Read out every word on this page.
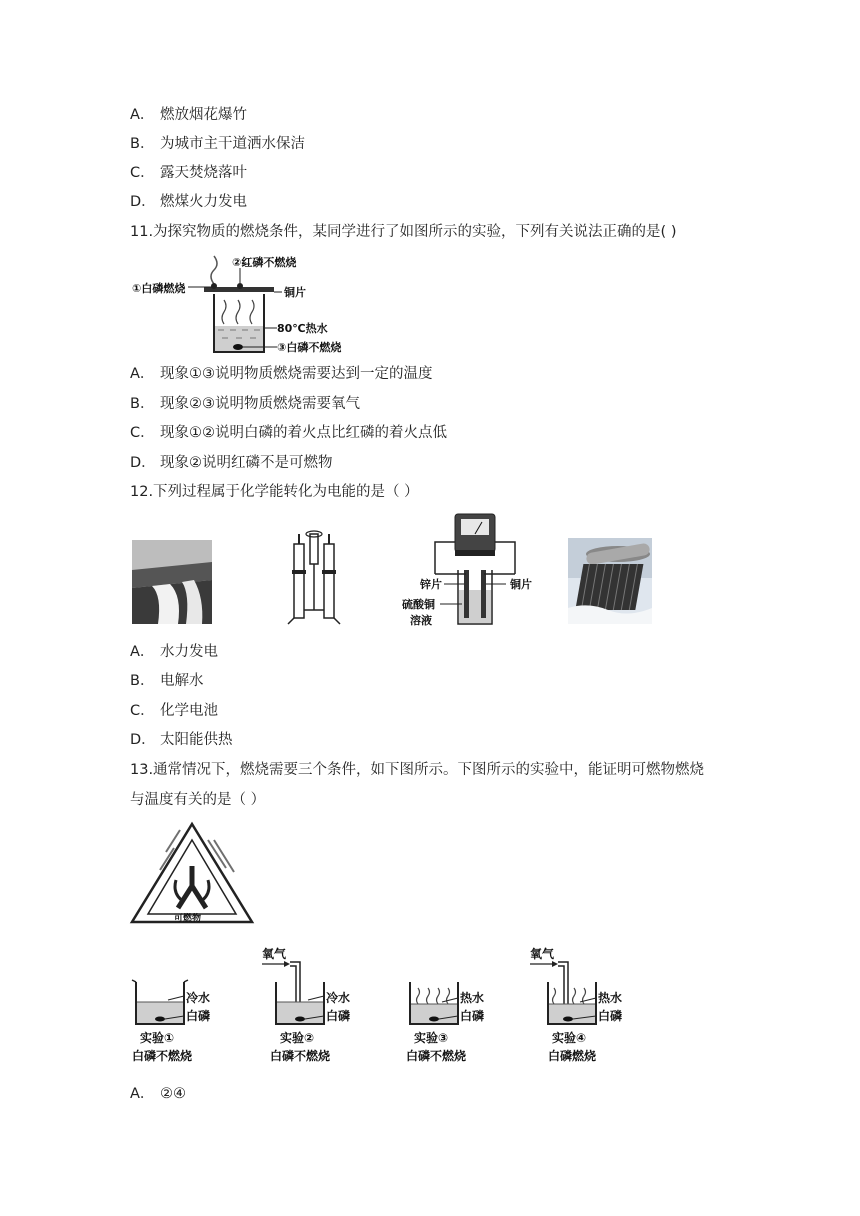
A． 燃放烟花爆竹
B． 为城市主干道洒水保洁
C． 露天焚烧落叶
D． 燃煤火力发电
11.为探究物质的燃烧条件，某同学进行了如图所示的实验，下列有关说法正确的是( )
②红磷不燃烧
①白磷燃烧	铜片
80℃热水
③白磷不燃烧
A． 现象①③说明物质燃烧需要达到一定的温度
B． 现象②③说明物质燃烧需要氧气
C． 现象①②说明白磷的着火点比红磷的着火点低
D． 现象②说明红磷不是可燃物
12.下列过程属于化学能转化为电能的是（ ）
锌片	铜片
硫酸铜
溶液
A． 水力发电
B． 电解水
C． 化学电池
D． 太阳能供热
13.通常情况下，燃烧需要三个条件，如下图所示。下图所示的实验中，能证明可燃物燃烧
与温度有关的是（ ）
可燃物
冷水
白磷
实验①
白磷不燃烧
氧气
冷水
白磷
实验②
白磷不燃烧
热水
白磷
实验③
白磷不燃烧
氧气
热水
白磷
实验④
白磷燃烧
A． ②④
